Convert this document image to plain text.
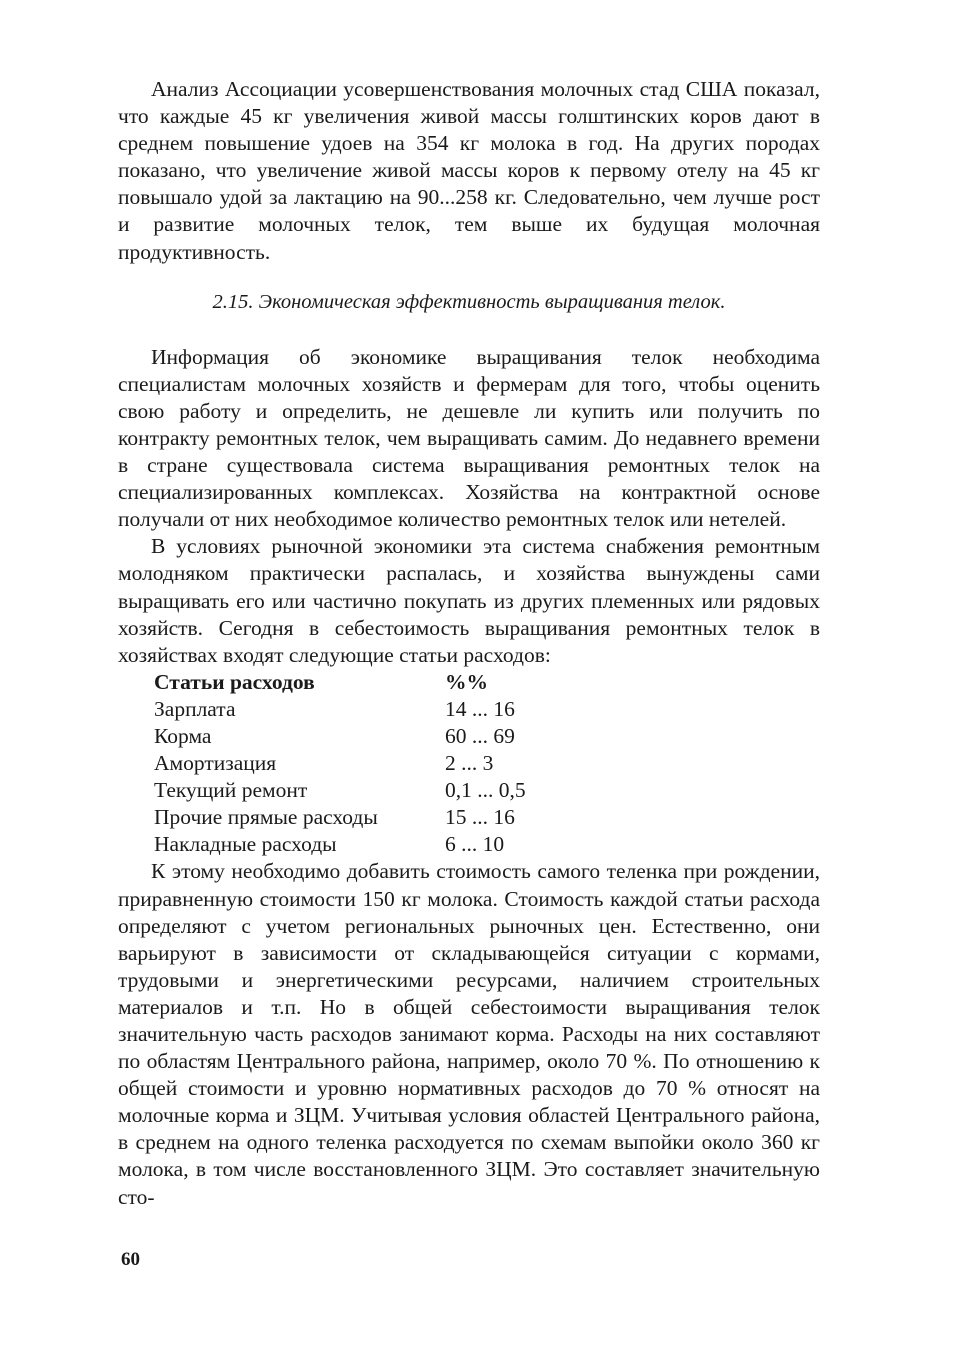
Анализ Ассоциации усовершенствования молочных стад США показал, что каждые 45 кг увеличения живой массы голштинских коров дают в среднем повышение удоев на 354 кг молока в год. На других породах показано, что увеличение живой массы коров к первому отелу на 45 кг повышало удой за лактацию на 90...258 кг. Следовательно, чем лучше рост и развитие молочных телок, тем выше их будущая молочная продуктивность.

2.15. Экономическая эффективность выращивания телок.

Информация об экономике выращивания телок необходима специалистам молочных хозяйств и фермерам для того, чтобы оценить свою работу и определить, не дешевле ли купить или получить по контракту ремонтных телок, чем выращивать самим. До недавнего времени в стране существовала система выращивания ремонтных телок на специализированных комплексах. Хозяйства на контрактной основе получали от них необходимое количество ремонтных телок или нетелей.

В условиях рыночной экономики эта система снабжения ремонтным молодняком практически распалась, и хозяйства вынуждены сами выращивать его или частично покупать из других племенных или рядовых хозяйств. Сегодня в себестоимость выращивания ремонтных телок в хозяйствах входят следующие статьи расходов:

Статьи расходов	%%
Зарплата	14 ... 16
Корма	60 ... 69
Амортизация	2 ... 3
Текущий ремонт	0,1 ... 0,5
Прочие прямые расходы	15 ... 16
Накладные расходы	6 ... 10

К этому необходимо добавить стоимость самого теленка при рождении, приравненную стоимости 150 кг молока. Стоимость каждой статьи расхода определяют с учетом региональных рыночных цен. Естественно, они варьируют в зависимости от складывающейся ситуации с кормами, трудовыми и энергетическими ресурсами, наличием строительных материалов и т.п. Но в общей себестоимости выращивания телок значительную часть расходов занимают корма. Расходы на них составляют по областям Центрального района, например, около 70 %. По отношению к общей стоимости и уровню нормативных расходов до 70 % относят на молочные корма и ЗЦМ. Учитывая условия областей Центрального района, в среднем на одного теленка расходуется по схемам выпойки около 360 кг молока, в том числе восстановленного ЗЦМ. Это составляет значительную сто-

60
